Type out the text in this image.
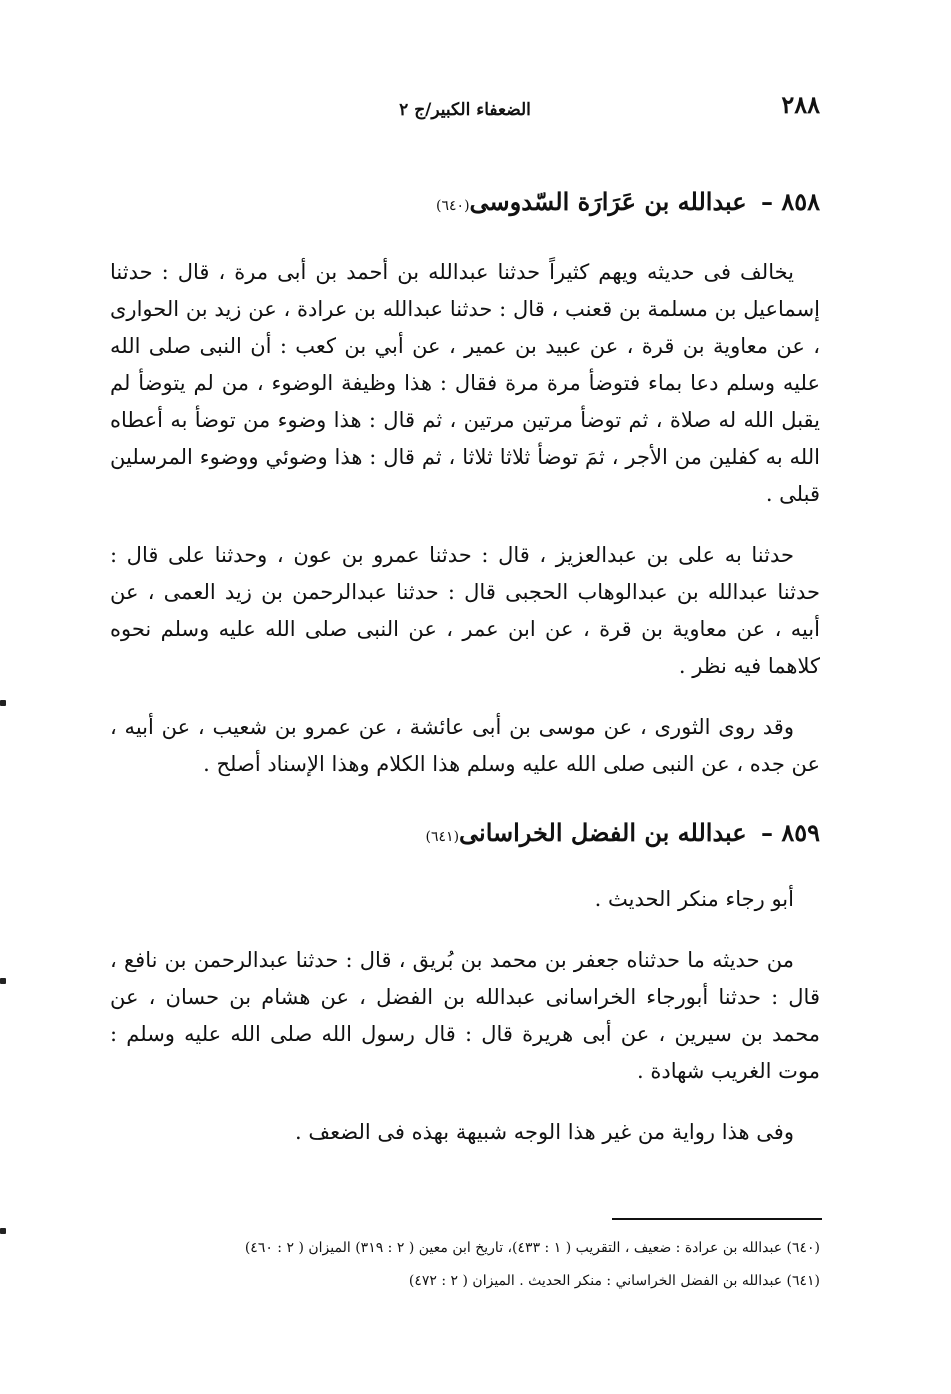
٢٨٨
الضعفاء الكبير/ج ٢
٨٥٨ – عبدالله بن عَرَارَة السّدوسى(٦٤٠)

يخالف فى حديثه ويهم كثيراً حدثنا عبدالله بن أحمد بن أبى مرة ، قال : حدثنا إسماعيل بن مسلمة بن قعنب ، قال : حدثنا عبدالله بن عرادة ، عن زيد بن الحوارى ، عن معاوية بن قرة ، عن عبيد بن عمير ، عن أبي بن كعب : أن النبى صلى الله عليه وسلم دعا بماء فتوضأ مرة مرة فقال : هذا وظيفة الوضوء ، من لم يتوضأ لم يقبل الله له صلاة ، ثم توضأ مرتين مرتين ، ثم قال : هذا وضوء من توضأ به أعطاه الله به كفلين من الأجر ، ثمَ توضأ ثلاثا ثلاثا ، ثم قال : هذا وضوئي ووضوء المرسلين قبلى .

حدثنا به على بن عبدالعزيز ، قال : حدثنا عمرو بن عون ، وحدثنا على قال : حدثنا عبدالله بن عبدالوهاب الحجبى قال : حدثنا عبدالرحمن بن زيد العمى ، عن أبيه ، عن معاوية بن قرة ، عن ابن عمر ، عن النبى صلى الله عليه وسلم نحوه كلاهما فيه نظر .

وقد روى الثورى ، عن موسى بن أبى عائشة ، عن عمرو بن شعيب ، عن أبيه ، عن جده ، عن النبى صلى الله عليه وسلم هذا الكلام وهذا الإسناد أصلح .

٨٥٩ – عبدالله بن الفضل الخراسانى(٦٤١)

أبو رجاء منكر الحديث .

من حديثه ما حدثناه جعفر بن محمد بن بُريق ، قال : حدثنا عبدالرحمن بن نافع ، قال : حدثنا أبورجاء الخراسانى عبدالله بن الفضل ، عن هشام بن حسان ، عن محمد بن سيرين ، عن أبى هريرة قال : قال رسول الله صلى الله عليه وسلم : موت الغريب شهادة .

وفى هذا رواية من غير هذا الوجه شبيهة بهذه فى الضعف .

(٦٤٠) عبدالله بن عرادة : ضعيف ، التقريب ( ١ : ٤٣٣)، تاريخ ابن معين ( ٢ : ٣١٩) الميزان ( ٢ : ٤٦٠)
(٦٤١) عبدالله بن الفضل الخراساني : منكر الحديث . الميزان ( ٢ : ٤٧٢)
